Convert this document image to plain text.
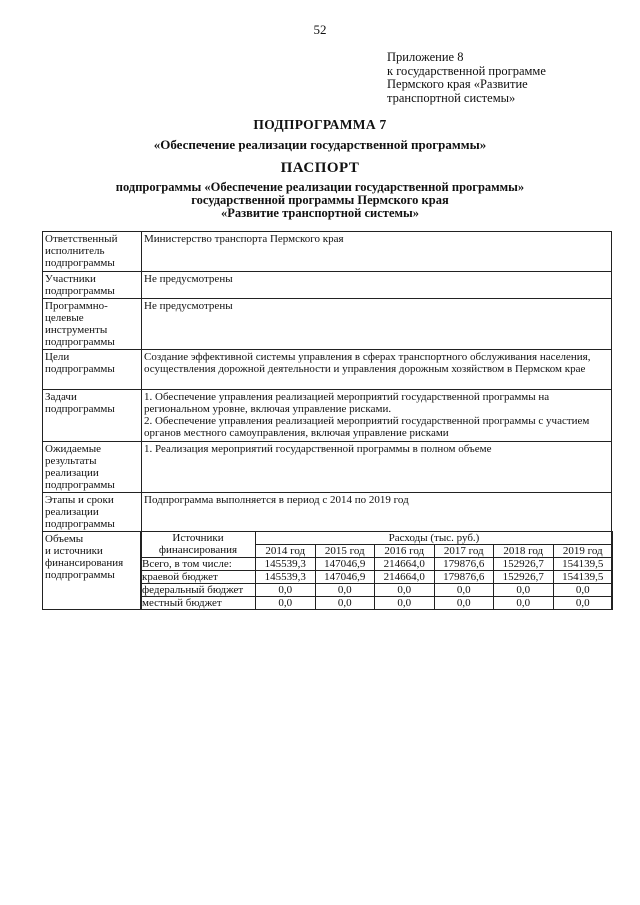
52
Приложение 8
к государственной программе
Пермского края «Развитие
транспортной системы»
ПОДПРОГРАММА 7
«Обеспечение реализации государственной программы»
ПАСПОРТ
подпрограммы «Обеспечение реализации государственной программы»
государственной программы Пермского края
«Развитие транспортной системы»
Ответственный
исполнитель
подпрограммы	Министерство транспорта Пермского края
Участники
подпрограммы	Не предусмотрены
Программно-
целевые
инструменты
подпрограммы	Не предусмотрены
Цели
подпрограммы	Создание эффективной системы управления в сферах транспортного обслуживания населения, осуществления дорожной деятельности и управления дорожным хозяйством в Пермском крае
Задачи
подпрограммы	1. Обеспечение управления реализацией мероприятий государственной программы на региональном уровне, включая управление рисками.
2. Обеспечение управления реализацией мероприятий государственной программы с участием органов местного самоуправления, включая управление рисками
Ожидаемые
результаты
реализации
подпрограммы	1. Реализация мероприятий государственной программы в полном объеме
Этапы и сроки
реализации
подпрограммы	Подпрограмма выполняется в период с 2014 по 2019 год
Объемы
и источники
финансирования
подпрограммы	
Источники финансирования	Расходы (тыс. руб.)
2014 год	2015 год	2016 год	2017 год	2018 год	2019 год
Всего, в том числе:	145539,3	147046,9	214664,0	179876,6	152926,7	154139,5
краевой бюджет	145539,3	147046,9	214664,0	179876,6	152926,7	154139,5
федеральный бюджет	0,0	0,0	0,0	0,0	0,0	0,0
местный бюджет	0,0	0,0	0,0	0,0	0,0	0,0
